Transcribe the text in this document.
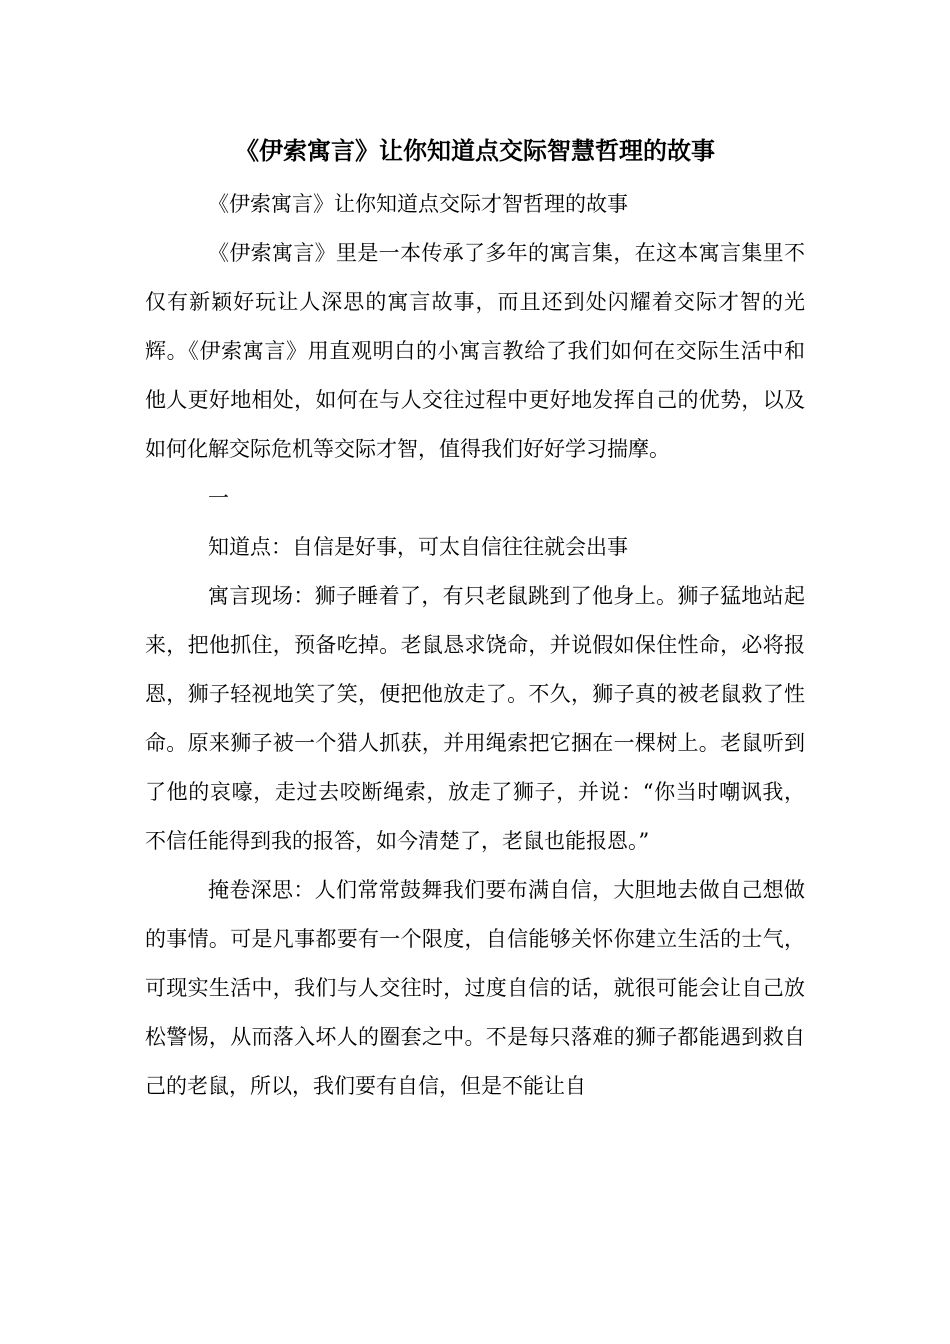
《伊索寓言》让你知道点交际智慧哲理的故事

《伊索寓言》让你知道点交际才智哲理的故事

《伊索寓言》里是一本传承了多年的寓言集，在这本寓言集里不仅有新颖好玩让人深思的寓言故事，而且还到处闪耀着交际才智的光辉。《伊索寓言》用直观明白的小寓言教给了我们如何在交际生活中和他人更好地相处，如何在与人交往过程中更好地发挥自己的优势，以及如何化解交际危机等交际才智，值得我们好好学习揣摩。

一

知道点：自信是好事，可太自信往往就会出事

寓言现场：狮子睡着了，有只老鼠跳到了他身上。狮子猛地站起来，把他抓住，预备吃掉。老鼠恳求饶命，并说假如保住性命，必将报恩，狮子轻视地笑了笑，便把他放走了。不久，狮子真的被老鼠救了性命。原来狮子被一个猎人抓获，并用绳索把它捆在一棵树上。老鼠听到了他的哀嚎，走过去咬断绳索，放走了狮子，并说：“你当时嘲讽我，不信任能得到我的报答，如今清楚了，老鼠也能报恩。”

掩卷深思：人们常常鼓舞我们要布满自信，大胆地去做自己想做的事情。可是凡事都要有一个限度，自信能够关怀你建立生活的士气，可现实生活中，我们与人交往时，过度自信的话，就很可能会让自己放松警惕，从而落入坏人的圈套之中。不是每只落难的狮子都能遇到救自己的老鼠，所以，我们要有自信，但是不能让自
